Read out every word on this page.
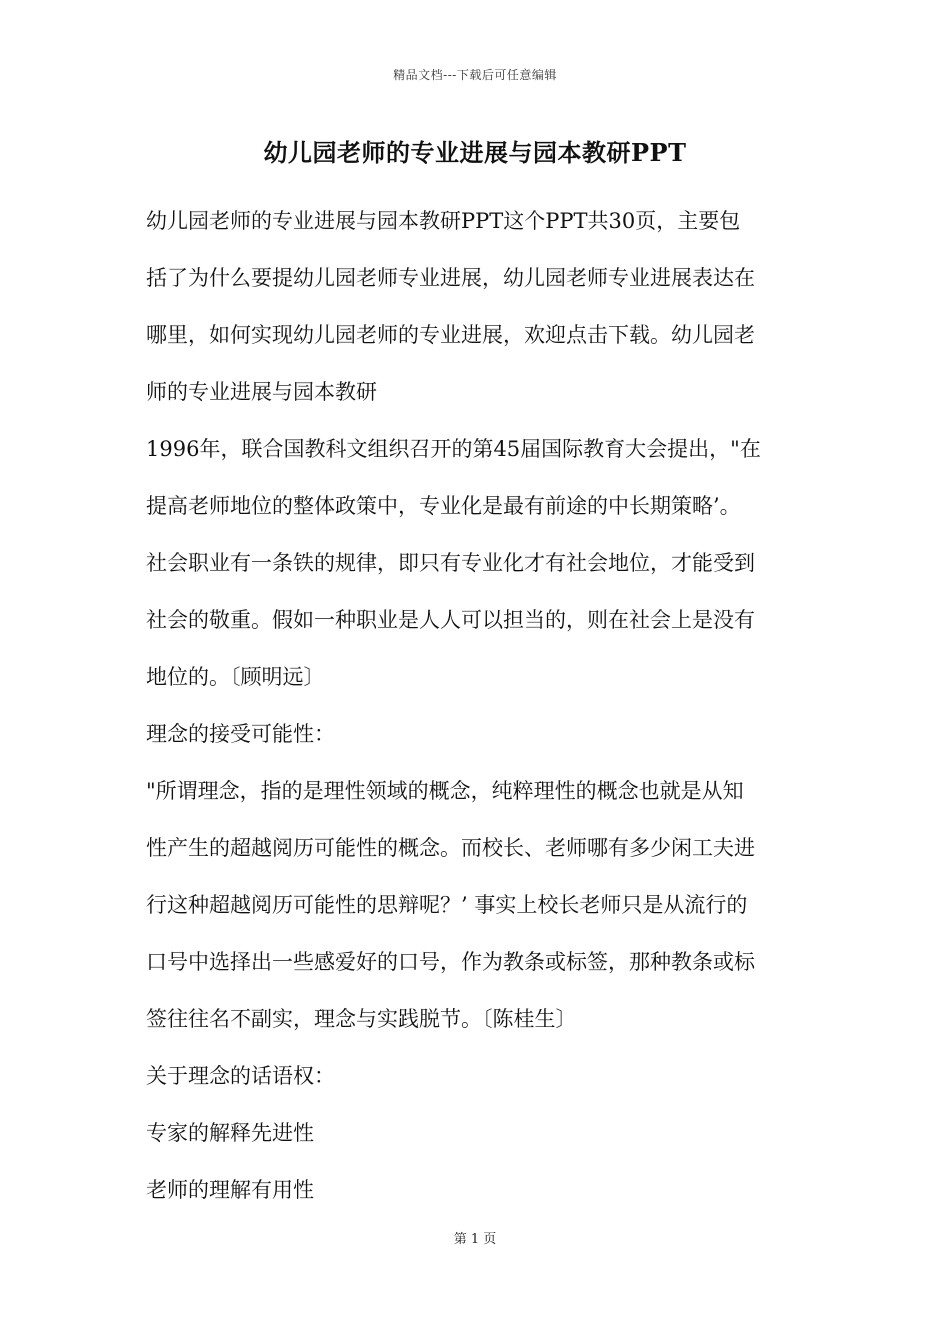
精品文档---下载后可任意编辑
幼儿园老师的专业进展与园本教研PPT
幼儿园老师的专业进展与园本教研PPT这个PPT共30页，主要包
括了为什么要提幼儿园老师专业进展，幼儿园老师专业进展表达在
哪里，如何实现幼儿园老师的专业进展，欢迎点击下载。幼儿园老
师的专业进展与园本教研
1996年，联合国教科文组织召开的第45届国际教育大会提出，"在
提高老师地位的整体政策中，专业化是最有前途的中长期策略’。
社会职业有一条铁的规律，即只有专业化才有社会地位，才能受到
社会的敬重。假如一种职业是人人可以担当的，则在社会上是没有
地位的。〔顾明远〕
理念的接受可能性：
"所谓理念，指的是理性领域的概念，纯粹理性的概念也就是从知
性产生的超越阅历可能性的概念。而校长、老师哪有多少闲工夫进
行这种超越阅历可能性的思辩呢？’ 事实上校长老师只是从流行的
口号中选择出一些感爱好的口号，作为教条或标签，那种教条或标
签往往名不副实，理念与实践脱节。〔陈桂生〕
关于理念的话语权：
专家的解释先进性
老师的理解有用性
第 1 页
